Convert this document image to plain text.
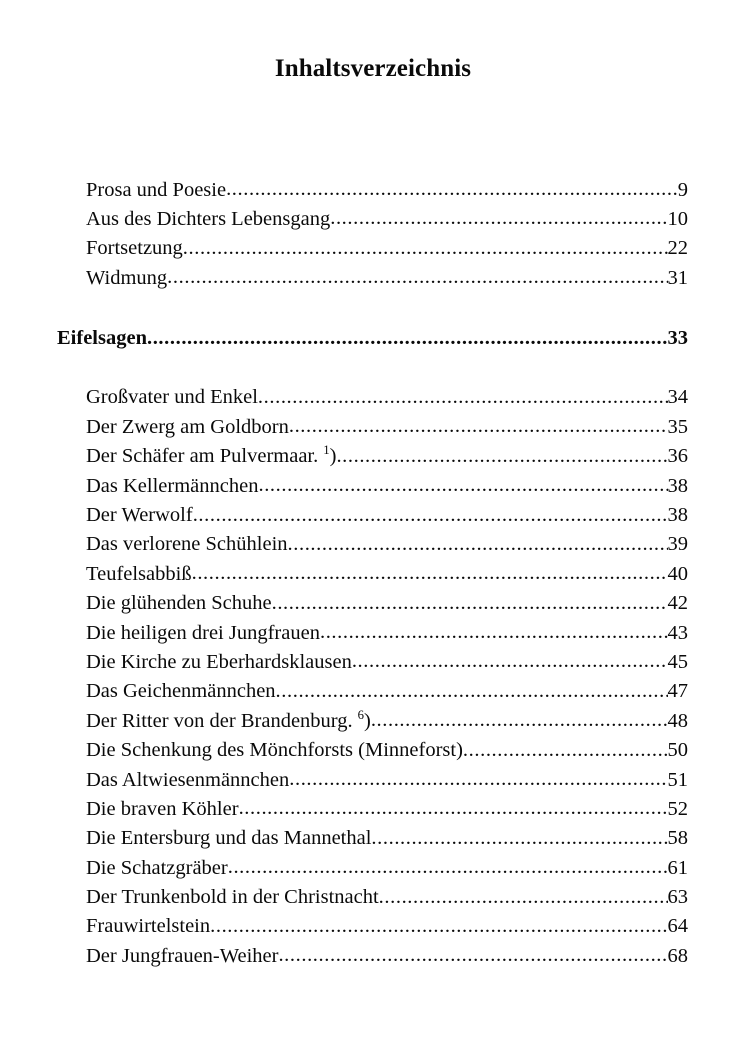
Inhaltsverzeichnis
Prosa und Poesie .....	9
Aus des Dichters Lebensgang .....	10
Fortsetzung .....	22
Widmung .....	31
Eifelsagen .....	33
Großvater und Enkel .....	34
Der Zwerg am Goldborn .....	35
Der Schäfer am Pulvermaar. $^1$) .....	36
Das Kellermännchen .....	38
Der Werwolf .....	38
Das verlorene Schühlein .....	39
Teufelsabbiß .....	40
Die glühenden Schuhe .....	42
Die heiligen drei Jungfrauen .....	43
Die Kirche zu Eberhardsklausen .....	45
Das Geichenmännchen .....	47
Der Ritter von der Brandenburg. $^6$) .....	48
Die Schenkung des Mönchforsts (Minneforst) .....	50
Das Altwiesenmännchen .....	51
Die braven Köhler .....	52
Die Entersburg und das Mannethal .....	58
Die Schatzgräber .....	61
Der Trunkenbold in der Christnacht .....	63
Frauwirtelstein .....	64
Der Jungfrauen-Weiher .....	68
